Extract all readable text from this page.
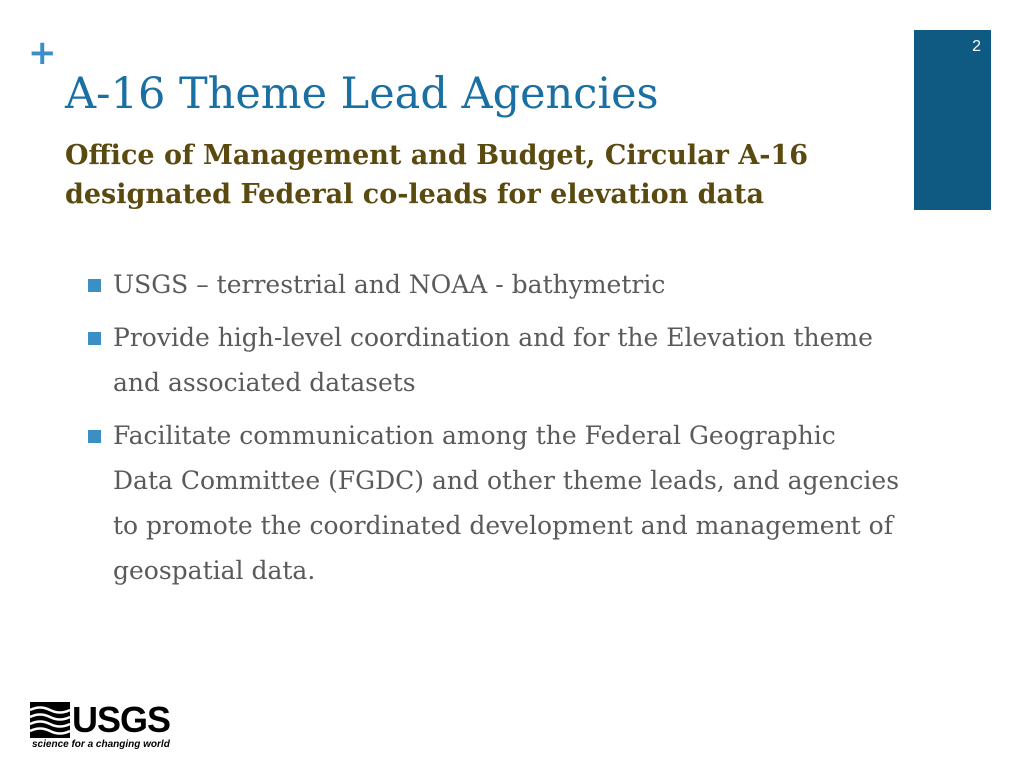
+
A-16 Theme Lead Agencies
Office of Management and Budget, Circular A-16 designated Federal co-leads for elevation data
2
USGS – terrestrial and NOAA - bathymetric
Provide high-level coordination and for the Elevation theme and associated datasets
Facilitate communication among the Federal Geographic Data Committee (FGDC) and other theme leads, and agencies to promote the coordinated development and management of geospatial data.
USGS
science for a changing world
